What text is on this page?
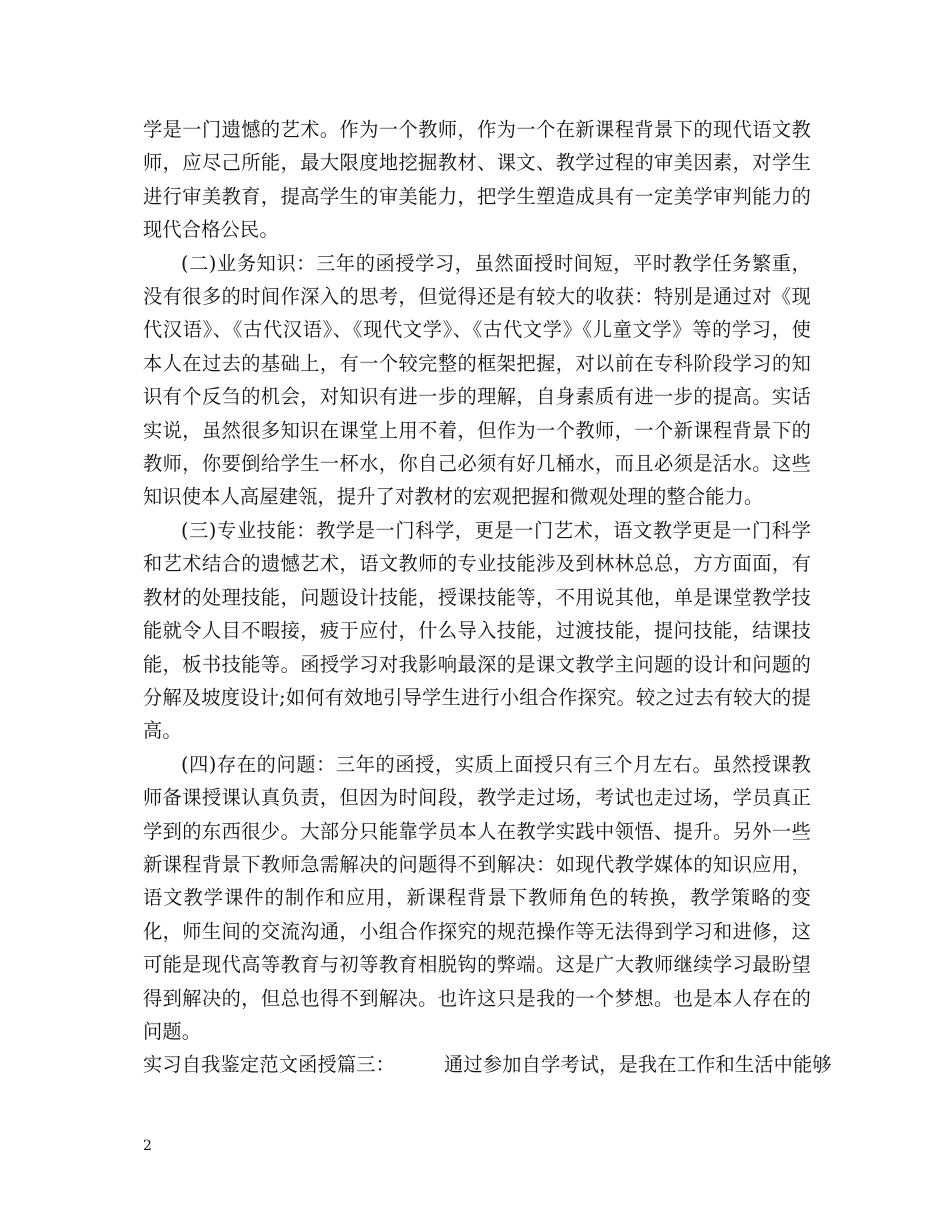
学是一门遗憾的艺术。作为一个教师，作为一个在新课程背景下的现代语文教师，应尽己所能，最大限度地挖掘教材、课文、教学过程的审美因素，对学生进行审美教育，提高学生的审美能力，把学生塑造成具有一定美学审判能力的现代合格公民。

(二)业务知识：三年的函授学习，虽然面授时间短，平时教学任务繁重，没有很多的时间作深入的思考，但觉得还是有较大的收获：特别是通过对《现代汉语》、《古代汉语》、《现代文学》、《古代文学》《儿童文学》等的学习，使本人在过去的基础上，有一个较完整的框架把握，对以前在专科阶段学习的知识有个反刍的机会，对知识有进一步的理解，自身素质有进一步的提高。实话实说，虽然很多知识在课堂上用不着，但作为一个教师，一个新课程背景下的教师，你要倒给学生一杯水，你自己必须有好几桶水，而且必须是活水。这些知识使本人高屋建瓴，提升了对教材的宏观把握和微观处理的整合能力。

(三)专业技能：教学是一门科学，更是一门艺术，语文教学更是一门科学和艺术结合的遗憾艺术，语文教师的专业技能涉及到林林总总，方方面面，有教材的处理技能，问题设计技能，授课技能等，不用说其他，单是课堂教学技能就令人目不暇接，疲于应付，什么导入技能，过渡技能，提问技能，结课技能，板书技能等。函授学习对我影响最深的是课文教学主问题的设计和问题的分解及坡度设计;如何有效地引导学生进行小组合作探究。较之过去有较大的提高。

(四)存在的问题：三年的函授，实质上面授只有三个月左右。虽然授课教师备课授课认真负责，但因为时间段，教学走过场，考试也走过场，学员真正学到的东西很少。大部分只能靠学员本人在教学实践中领悟、提升。另外一些新课程背景下教师急需解决的问题得不到解决：如现代教学媒体的知识应用，语文教学课件的制作和应用，新课程背景下教师角色的转换，教学策略的变化，师生间的交流沟通，小组合作探究的规范操作等无法得到学习和进修，这可能是现代高等教育与初等教育相脱钩的弊端。这是广大教师继续学习最盼望得到解决的，但总也得不到解决。也许这只是我的一个梦想。也是本人存在的问题。

实习自我鉴定范文函授篇三：	通过参加自学考试，是我在工作和生活中能够

2
